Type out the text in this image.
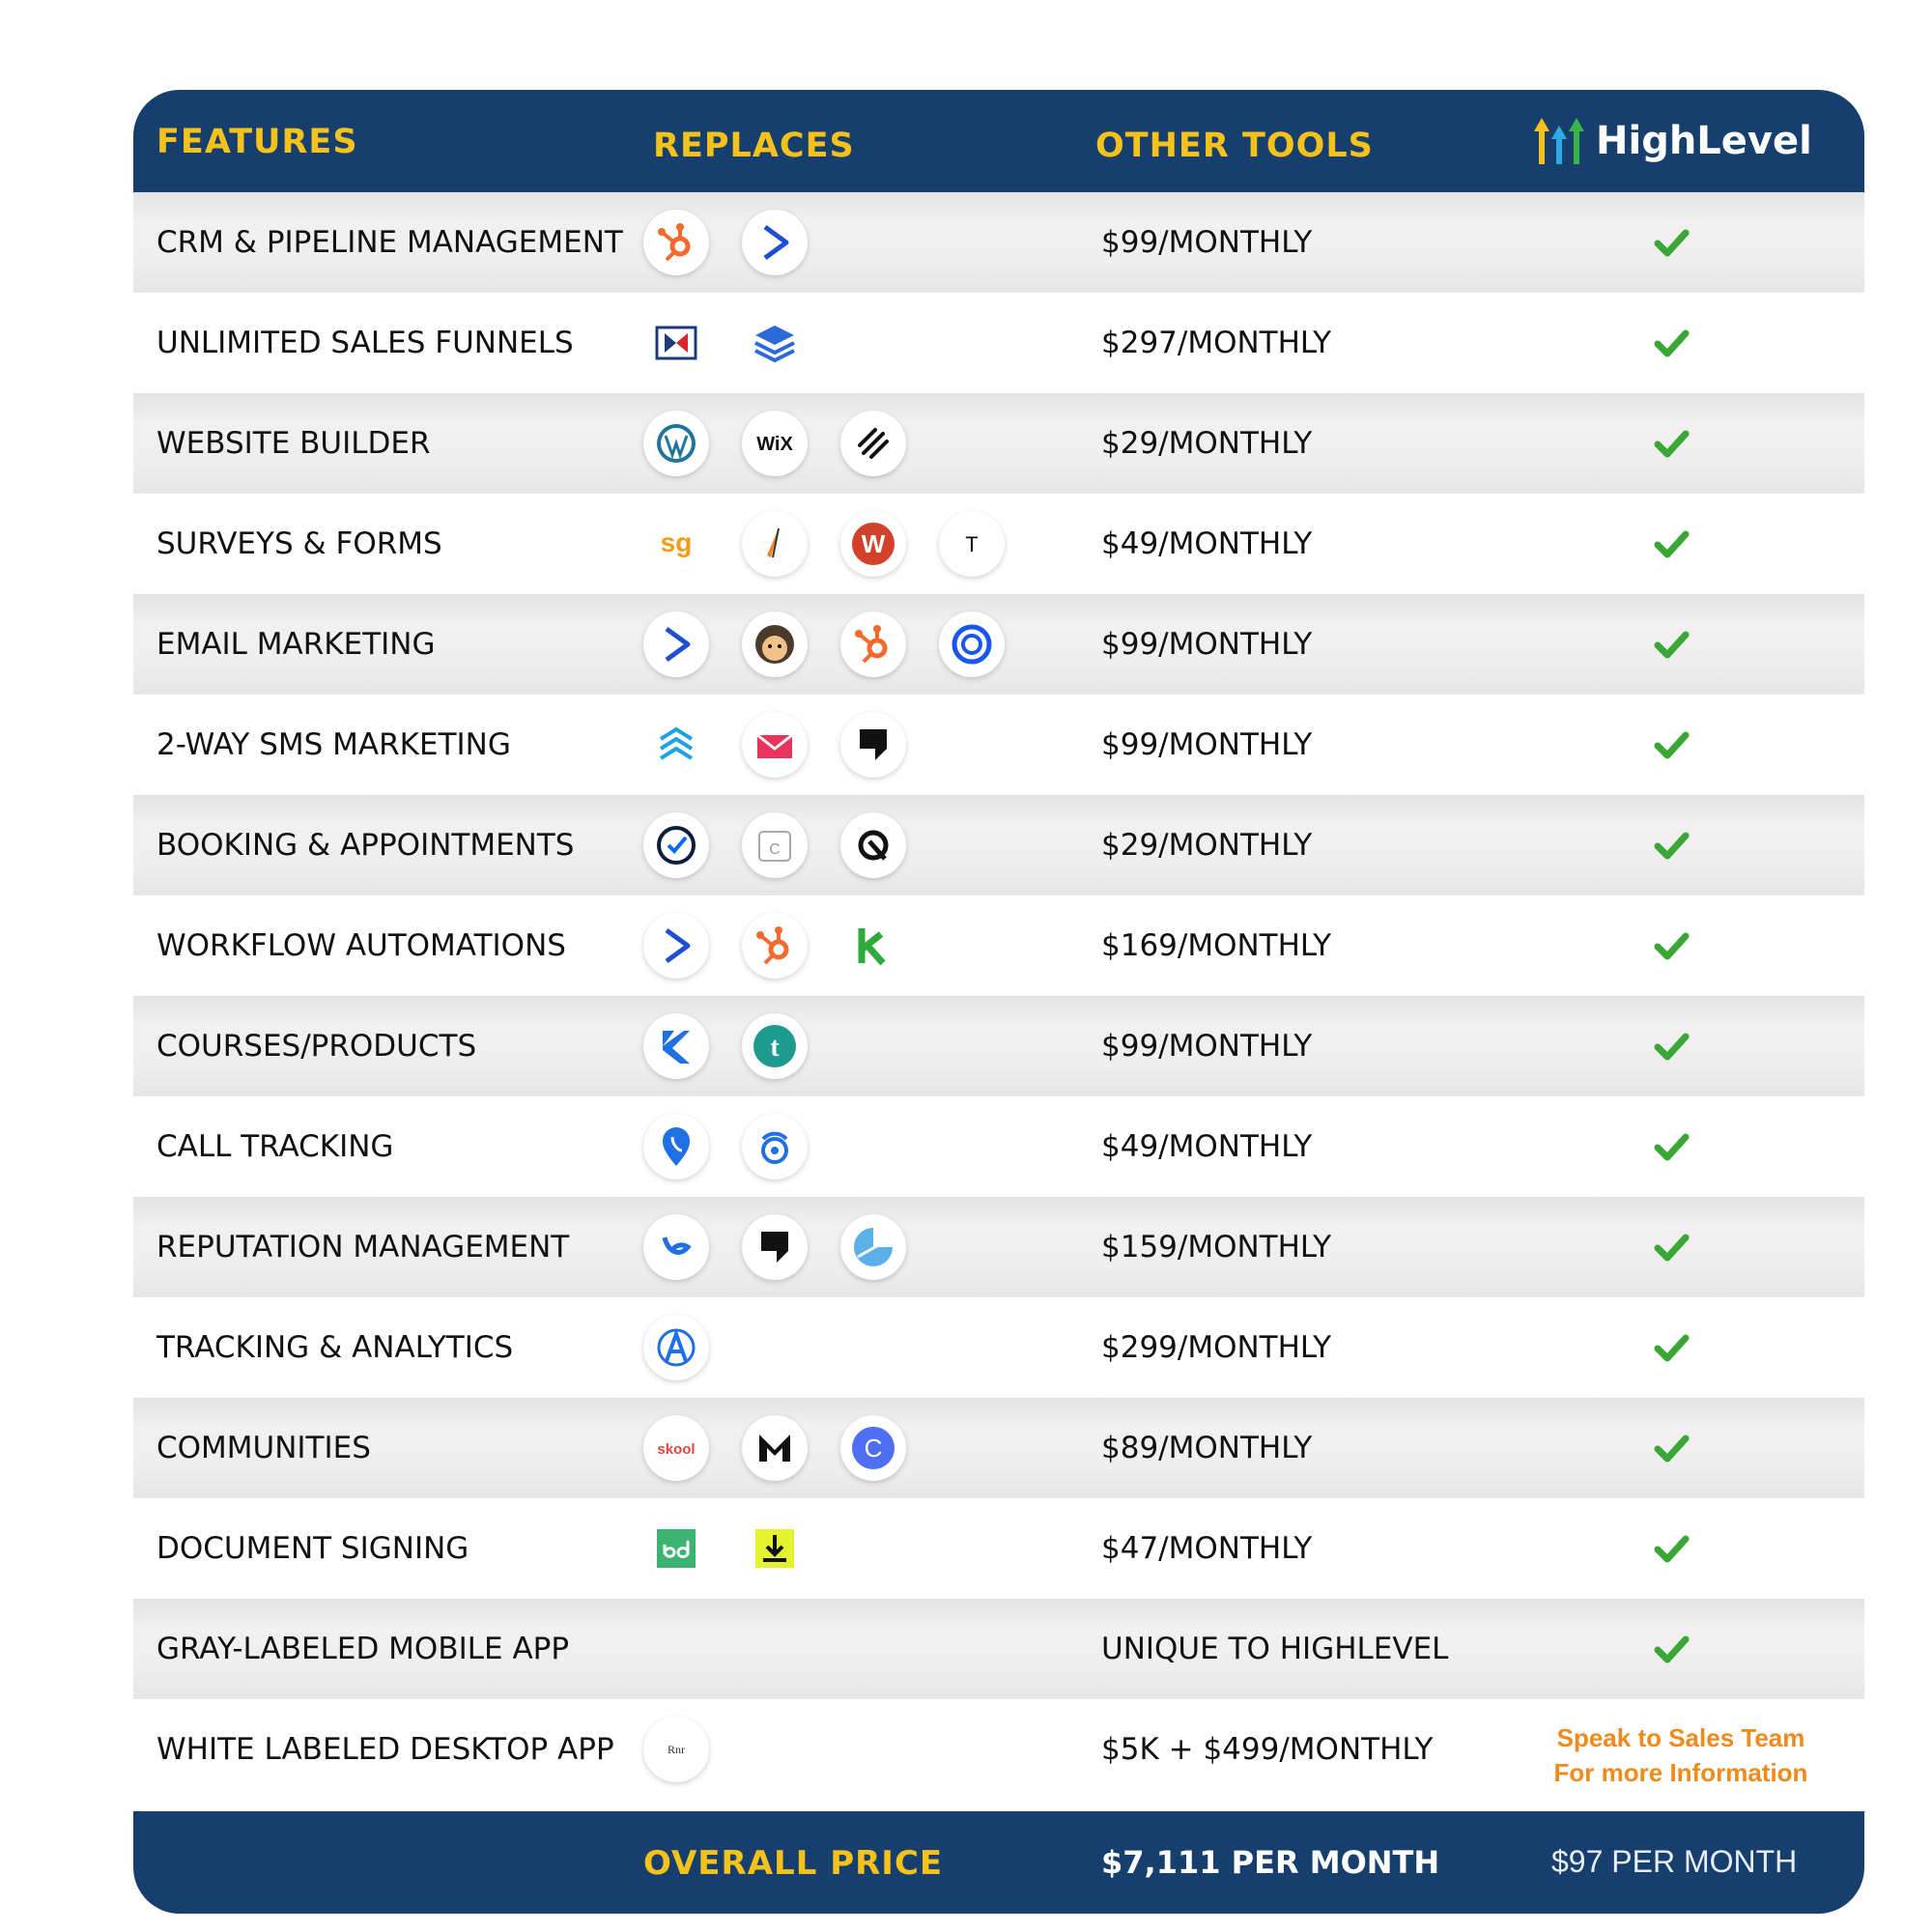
FEATURES	REPLACES	OTHER TOOLS	HighLevel
CRM & PIPELINE MANAGEMENT	$99/MONTHLY
UNLIMITED SALES FUNNELS	$297/MONTHLY
WEBSITE BUILDER	WiX	$29/MONTHLY
SURVEYS & FORMS	sg	W	T	$49/MONTHLY
EMAIL MARKETING	$99/MONTHLY
2-WAY SMS MARKETING	$99/MONTHLY
BOOKING & APPOINTMENTS	C	$29/MONTHLY
WORKFLOW AUTOMATIONS	$169/MONTHLY
COURSES/PRODUCTS	t	$99/MONTHLY
CALL TRACKING	$49/MONTHLY
REPUTATION MANAGEMENT	$159/MONTHLY
TRACKING & ANALYTICS	$299/MONTHLY
COMMUNITIES	skool	C	$89/MONTHLY
DOCUMENT SIGNING	$47/MONTHLY
GRAY-LABELED MOBILE APP	UNIQUE TO HIGHLEVEL
WHITE LABELED DESKTOP APP	Rnr	$5K + $499/MONTHLY	Speak to Sales Team
For more Information
OVERALL PRICE	$7,111 PER MONTH	$97 PER MONTH
